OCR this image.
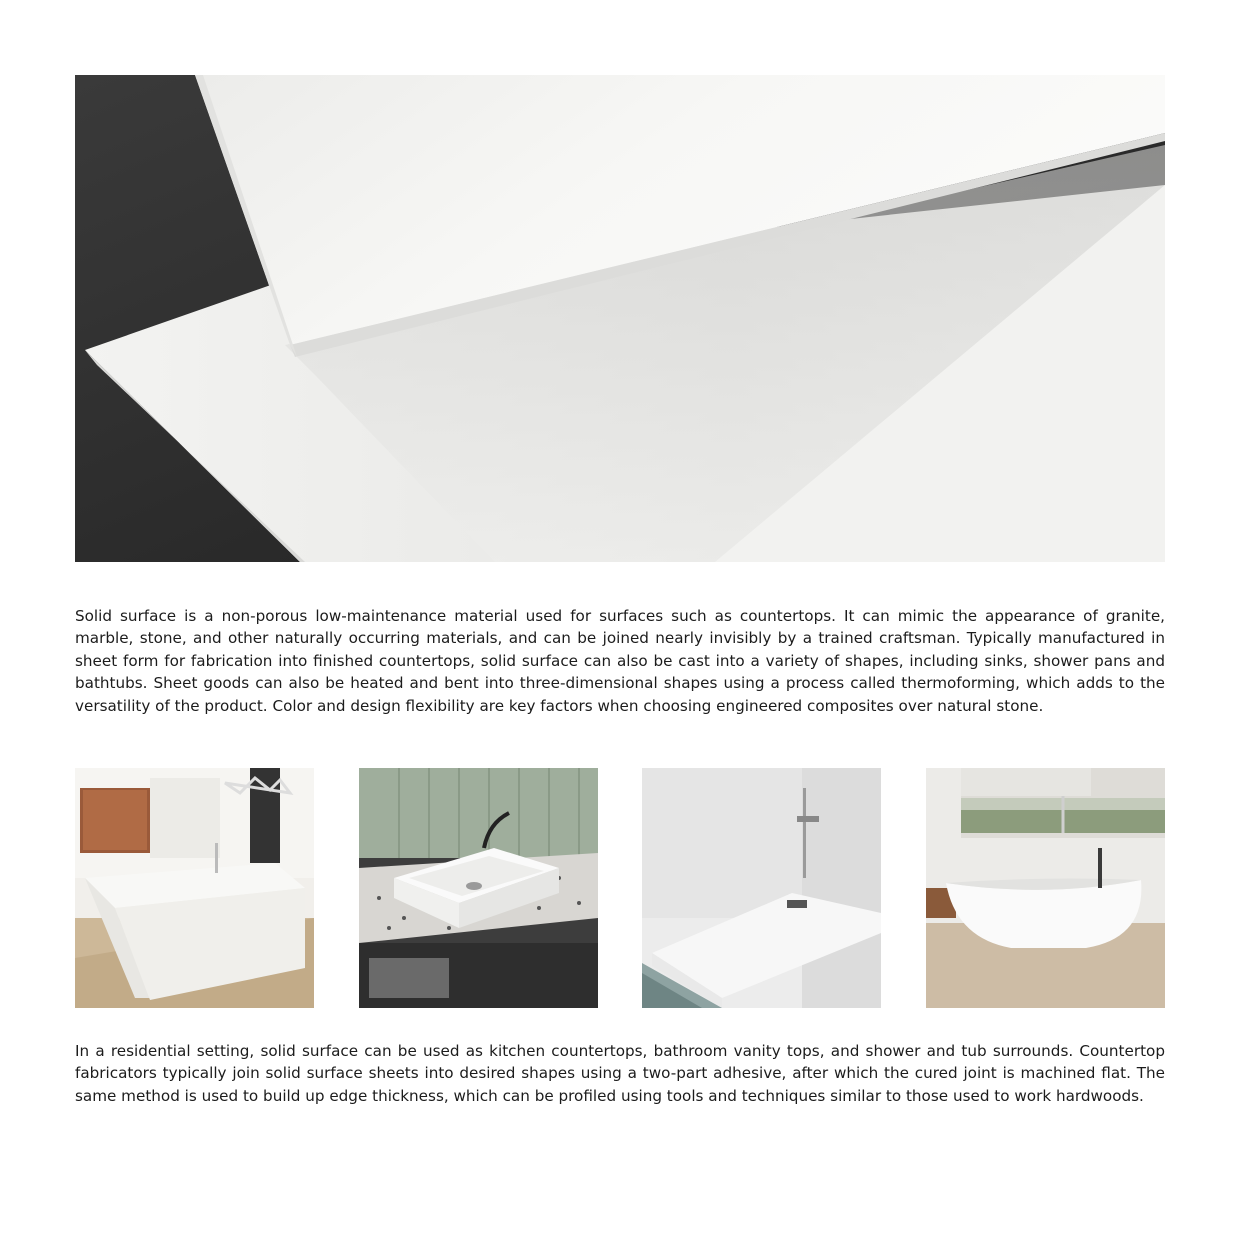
Solid surface is a non-porous low-maintenance material used for surfaces such as countertops. It can mimic the appearance of granite, marble, stone, and other naturally occurring materials, and can be joined nearly invisibly by a trained craftsman. Typically manufactured in sheet form for fabrication into finished countertops, solid surface can also be cast into a variety of shapes, including sinks, shower pans and bathtubs. Sheet goods can also be heated and bent into three-dimensional shapes using a process called thermoforming, which adds to the versatility of the product. Color and design flexibility are key factors when choosing engineered composites over natural stone.

In a residential setting, solid surface can be used as kitchen countertops, bathroom vanity tops, and shower and tub surrounds. Countertop fabricators typically join solid surface sheets into desired shapes using a two-part adhesive, after which the cured joint is machined flat. The same method is used to build up edge thickness, which can be profiled using tools and techniques similar to those used to work hardwoods.
